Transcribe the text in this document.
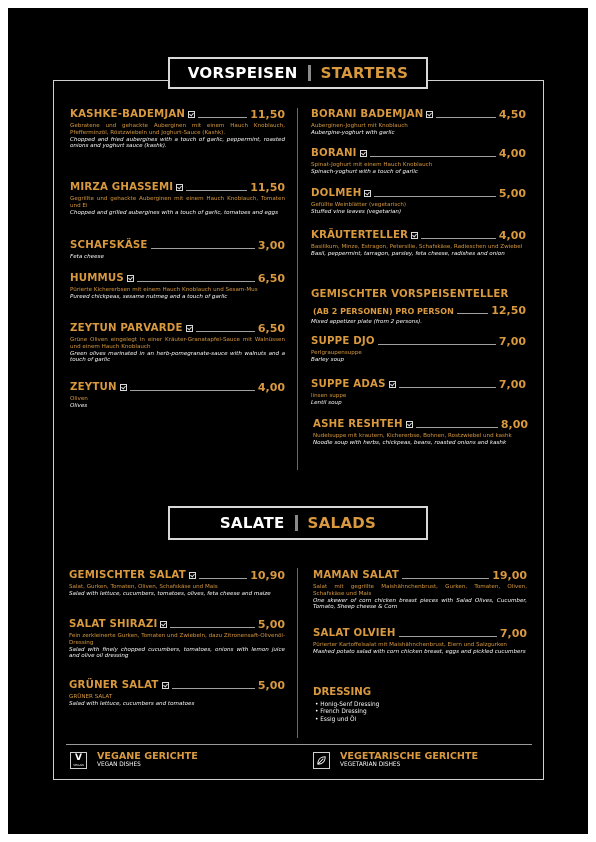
VORSPEISEN STARTERS
SALATE SALADS
KASHKE-BADEMJAN	11,50
Gebratene und gehackte Auberginen mit einem Hauch Knoblauch, Pfefferminzöl, Röstzwiebeln und Joghurt-Sauce (Kashk).
Chopped and fried aubergines with a touch of garlic, peppermint, roasted onions and yoghurt sauce (kashk).
MIRZA GHASSEMI	11,50
Gegrillte und gehackte Auberginen mit einem Hauch Knoblauch, Tomaten und Ei
Chopped and grilled aubergines with a touch of garlic, tomatoes and eggs
SCHAFSKÄSE	3,00
Feta cheese
HUMMUS	6,50
Pürierte Kichererbsen mit einem Hauch Knoblauch und Sesam-Mus
Pureed chickpeas, sesame nutmeg and a touch of garlic
ZEYTUN PARVARDE	6,50
Grüne Oliven eingelegt in einer Kräuter-Granatapfel-Sauce mit Walnüssen und einem Hauch Knoblauch
Green olives marinated in an herb-pomegranate-sauce with walnuts and a touch of garlic
ZEYTUN	4,00
Oliven
Olives
BORANI BADEMJAN	4,50
Auberginen-Joghurt mit Knoblauch
Aubergine-yoghurt with garlic
BORANI	4,00
Spinat-Joghurt mit einem Hauch Knoblauch
Spinach-yoghurt with a touch of garlic
DOLMEH	5,00
Gefüllte Weinblätter (vegetarisch)
Stuffed vine leaves (vegetarian)
KRÄUTERTELLER	4,00
Basilikum, Minze, Estragon, Petersilie, Schafskäse, Radieschen und Zwiebel
Basil, peppermint, tarragon, parsley, feta cheese, radishes and onion
GEMISCHTER VORSPEISENTELLER
(AB 2 PERSONEN) PRO PERSON	12,50
Mixed appetizer plate (from 2 persons).
SUPPE DJO	7,00
Perlgraupensuppe
Barley soup
SUPPE ADAS	7,00
linsen suppe
Lentil soup
ASHE RESHTEH	8,00
Nudelsuppe mit krautern, Kichererbse, Bohnen, Rostzwiebel und kashk
Noodle soup with herbs, chickpeas, beans, roasted onions and kashk
GEMISCHTER SALAT	10,90
Salat, Gurken, Tomaten, Oliven, Schafskäse und Mais
Salad with lettuce, cucumbers, tomatoes, olives, feta cheese and maize
SALAT SHIRAZI	5,00
Fein zerkleinerte Gurken, Tomaten und Zwiebeln, dazu Zitronensaft-Olivenöl-Dressing
Salad with finely chopped cucumbers, tomatoes, onions with lemon juice and olive oil dressing
GRÜNER SALAT	5,00
GRÜNER SALAT
Salad with lettuce, cucumbers and tomatoes
MAMAN SALAT	19,00
Salat mit gegrillte Maishähnchenbrust, Gurken, Tomaten, Oliven, Schafskäse und Mais
One skewer of corn chicken breast pieces with Salad Olives, Cucumber, Tomato, Sheep cheese & Corn
SALAT OLVIEH	7,00
Pürierter Kartoffelsalat mit Maishähnchenbrust, Eiern und Salzgurken
Mashed potato salad with corn chicken breast, eggs and pickled cucumbers
DRESSING
• Honig-Senf Dressing
• French Dressing
• Essig und Öl
V
VEGAN
VEGANE GERICHTE
VEGAN DISHES
VEGETARISCHE GERICHTE
VEGETARIAN DISHES
